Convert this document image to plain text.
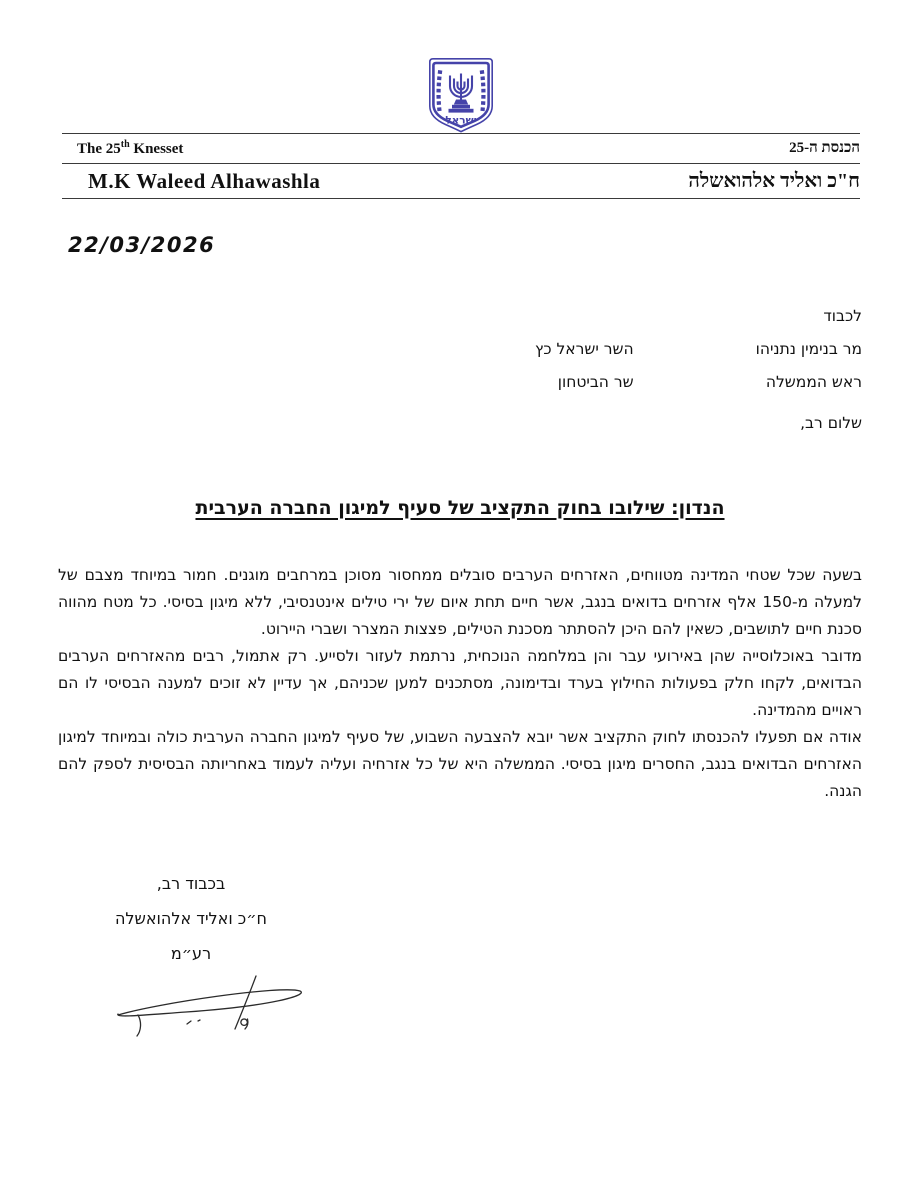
ישראל
The 25th Knesset	הכנסת ה-25
M.K Waleed Alhawashla	ח"כ ואליד אלהואשלה
22/03/2026
לכבוד
מר בנימין נתניהו
ראש הממשלה
השר ישראל כץ
שר הביטחון
שלום רב,
הנדון: שילובו בחוק התקציב של סעיף למיגון החברה הערבית

בשעה שכל שטחי המדינה מטווחים, האזרחים הערבים סובלים ממחסור מסוכן במרחבים מוגנים. חמור במיוחד מצבם של למעלה מ-150 אלף אזרחים בדואים בנגב, אשר חיים תחת איום של ירי טילים אינטנסיבי, ללא מיגון בסיסי. כל מטח מהווה סכנת חיים לתושבים, כשאין להם היכן להסתתר מסכנת הטילים, פצצות המצרר ושברי היירוט.

מדובר באוכלוסייה שהן באירועי עבר והן במלחמה הנוכחית, נרתמת לעזור ולסייע. רק אתמול, רבים מהאזרחים הערבים הבדואים, לקחו חלק בפעולות החילוץ בערד ובדימונה, מסתכנים למען שכניהם, אך עדיין לא זוכים למענה הבסיסי לו הם ראויים מהמדינה.

אודה אם תפעלו להכנסתו לחוק התקציב אשר יובא להצבעה השבוע, של סעיף למיגון החברה הערבית כולה ובמיוחד למיגון האזרחים הבדואים בנגב, החסרים מיגון בסיסי. הממשלה היא של כל אזרחיה ועליה לעמוד באחריותה הבסיסית לספק להם הגנה.

בכבוד רב,
ח״כ ואליד אלהואשלה
רע״מ
